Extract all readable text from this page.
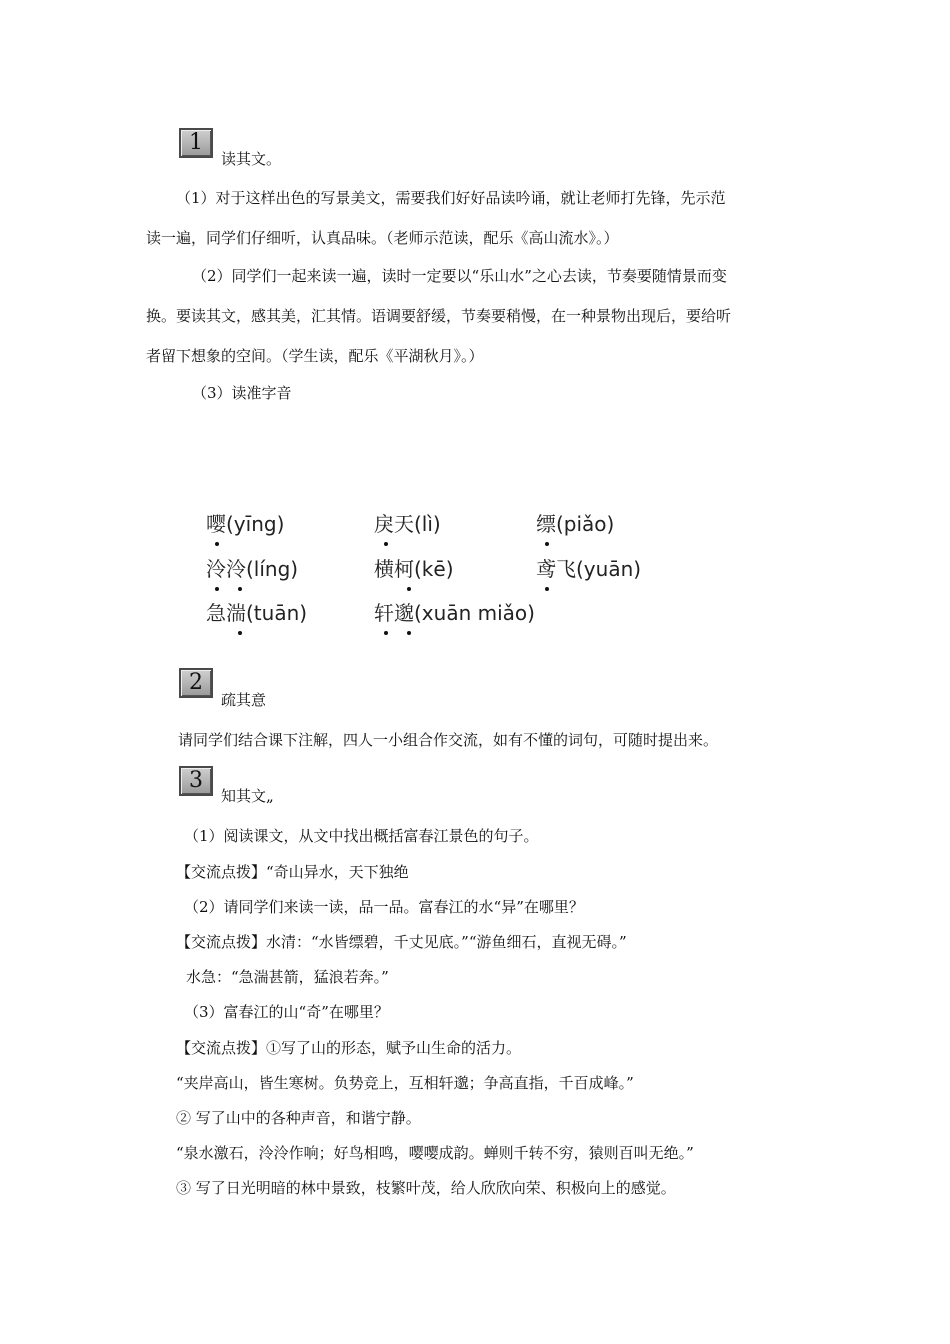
1
读其文。
（1）对于这样出色的写景美文，需要我们好好品读吟诵，就让老师打先锋，先示范
读一遍，同学们仔细听，认真品味。（老师示范读，配乐《高山流水》。）
（2）同学们一起来读一遍，读时一定要以“乐山水”之心去读，节奏要随情景而变
换。要读其文，感其美，汇其情。语调要舒缓，节奏要稍慢，在一种景物出现后，要给听
者留下想象的空间。（学生读，配乐《平湖秋月》。）
（3）读准字音
嘤(yīng)	戾天(lì)	缥(piǎo)
泠泠(líng)	横柯(kē)	鸢飞(yuān)
急湍(tuān)	轩邈(xuān miǎo)
2
疏其意
请同学们结合课下注解，四人一小组合作交流，如有不懂的词句，可随时提出来。
3
知其文„
（1）阅读课文，从文中找出概括富春江景色的句子。
【交流点拨】“奇山异水，天下独绝
（2）请同学们来读一读，品一品。富春江的水“异”在哪里？
【交流点拨】水清：“水皆缥碧，千丈见底。”“游鱼细石，直视无碍。”
水急：“急湍甚箭，猛浪若奔。”
（3）富春江的山“奇”在哪里？
【交流点拨】①写了山的形态，赋予山生命的活力。
“夹岸高山，皆生寒树。负势竞上，互相轩邈；争高直指，千百成峰。”
② 写了山中的各种声音，和谐宁静。
“泉水激石，泠泠作响；好鸟相鸣，嘤嘤成韵。蝉则千转不穷，猿则百叫无绝。”
③ 写了日光明暗的林中景致，枝繁叶茂，给人欣欣向荣、积极向上的感觉。
